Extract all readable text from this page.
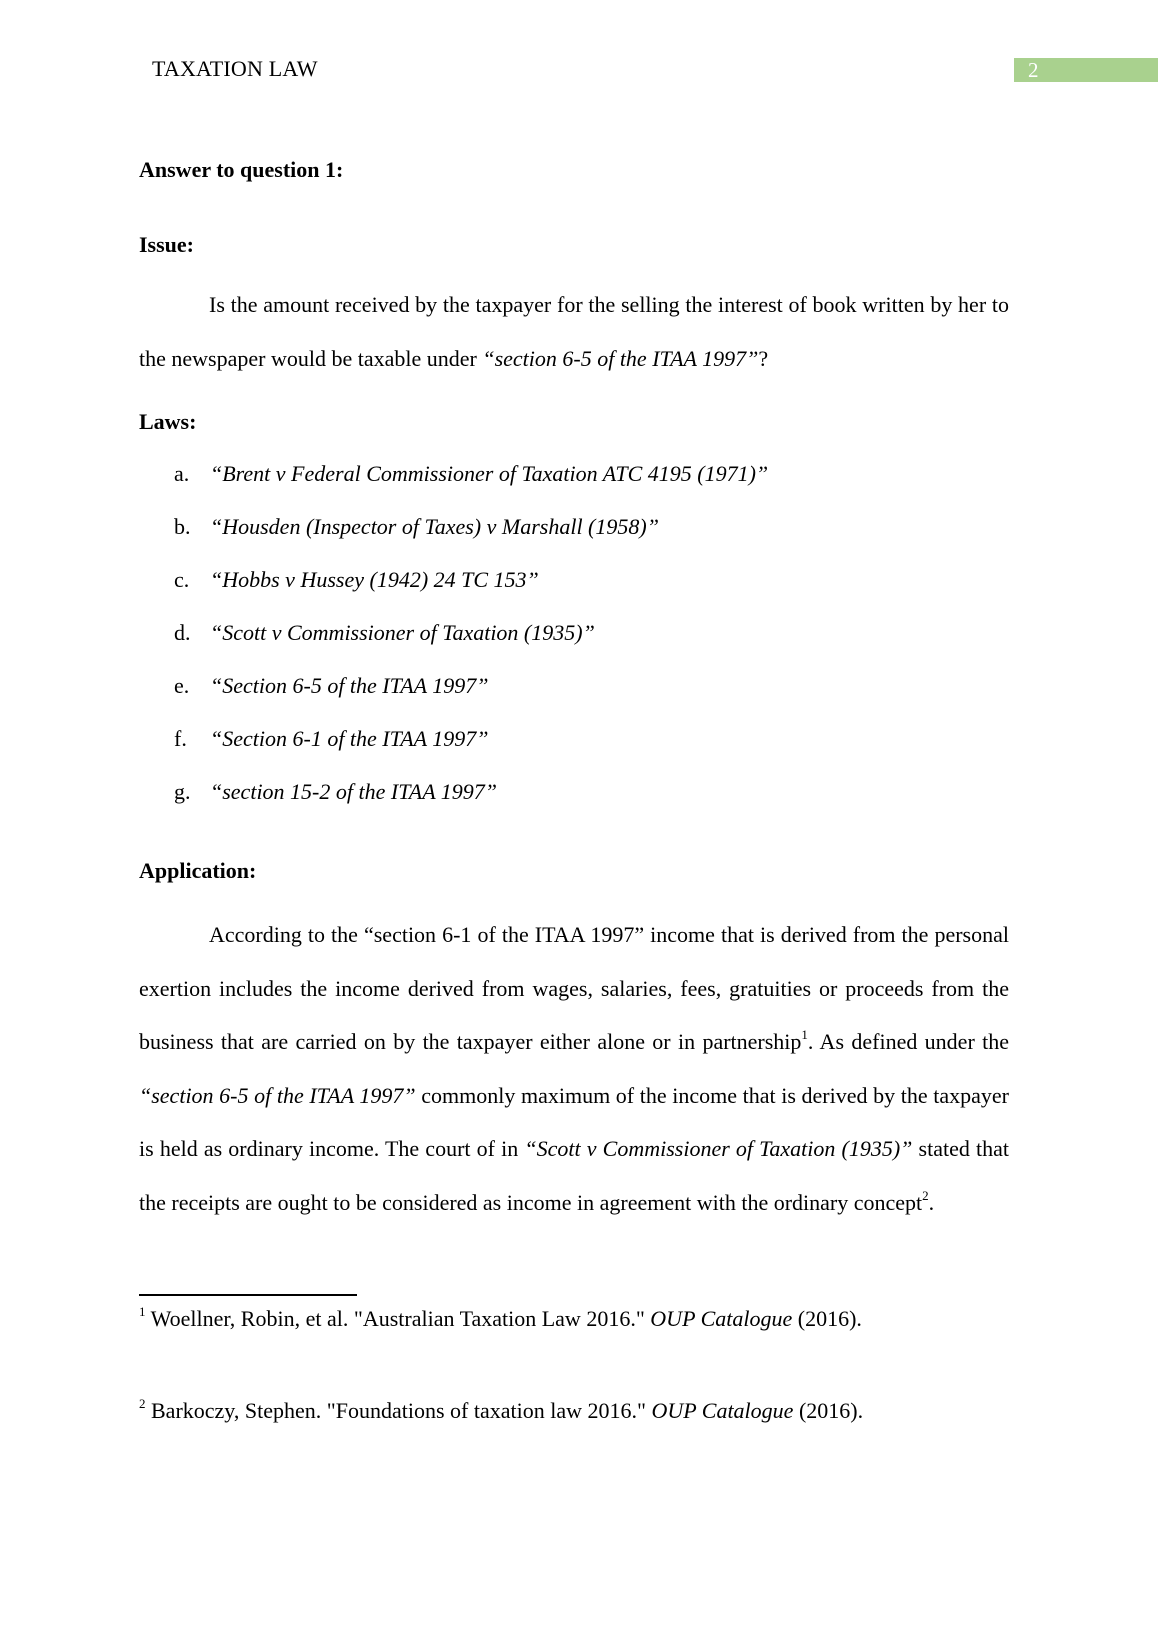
TAXATION LAW	2
Answer to question 1:
Issue:
Is the amount received by the taxpayer for the selling the interest of book written by her to the newspaper would be taxable under “section 6-5 of the ITAA 1997”?
Laws:
a. “Brent v Federal Commissioner of Taxation ATC 4195 (1971)”
b. “Housden (Inspector of Taxes) v Marshall (1958)”
c. “Hobbs v Hussey (1942) 24 TC 153”
d. “Scott v Commissioner of Taxation (1935)”
e. “Section 6-5 of the ITAA 1997”
f. “Section 6-1 of the ITAA 1997”
g. “section 15-2 of the ITAA 1997”
Application:
According to the “section 6-1 of the ITAA 1997” income that is derived from the personal exertion includes the income derived from wages, salaries, fees, gratuities or proceeds from the business that are carried on by the taxpayer either alone or in partnership$^1$. As defined under the “section 6-5 of the ITAA 1997” commonly maximum of the income that is derived by the taxpayer is held as ordinary income. The court of in “Scott v Commissioner of Taxation (1935)” stated that the receipts are ought to be considered as income in agreement with the ordinary concept$^2$.
$^1$ Woellner, Robin, et al. "Australian Taxation Law 2016." OUP Catalogue (2016).
$^2$ Barkoczy, Stephen. "Foundations of taxation law 2016." OUP Catalogue (2016).
